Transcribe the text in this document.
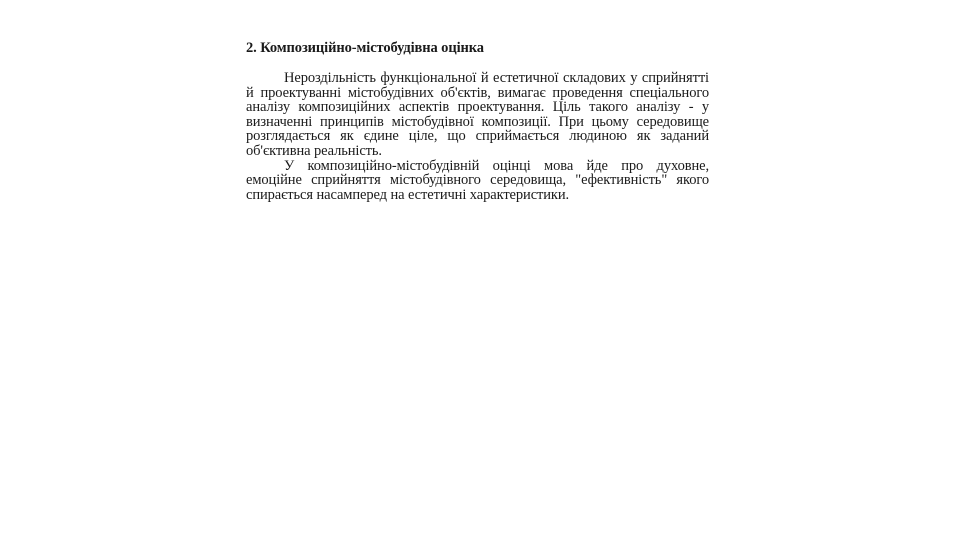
2. Композиційно-містобудівна оцінка

Нероздільність функціональної й естетичної складових у сприйнятті й проектуванні містобудівних об'єктів, вимагає проведення спеціального аналізу композиційних аспектів проектування. Ціль такого аналізу - у визначенні принципів містобудівної композиції. При цьому середовище розглядається як єдине ціле, що сприймається людиною як заданий об'єктивна реальність.

У композиційно-містобудівній оцінці мова йде про духовне, емоційне сприйняття містобудівного середовища, "ефективність" якого спирається насамперед на естетичні характеристики.
